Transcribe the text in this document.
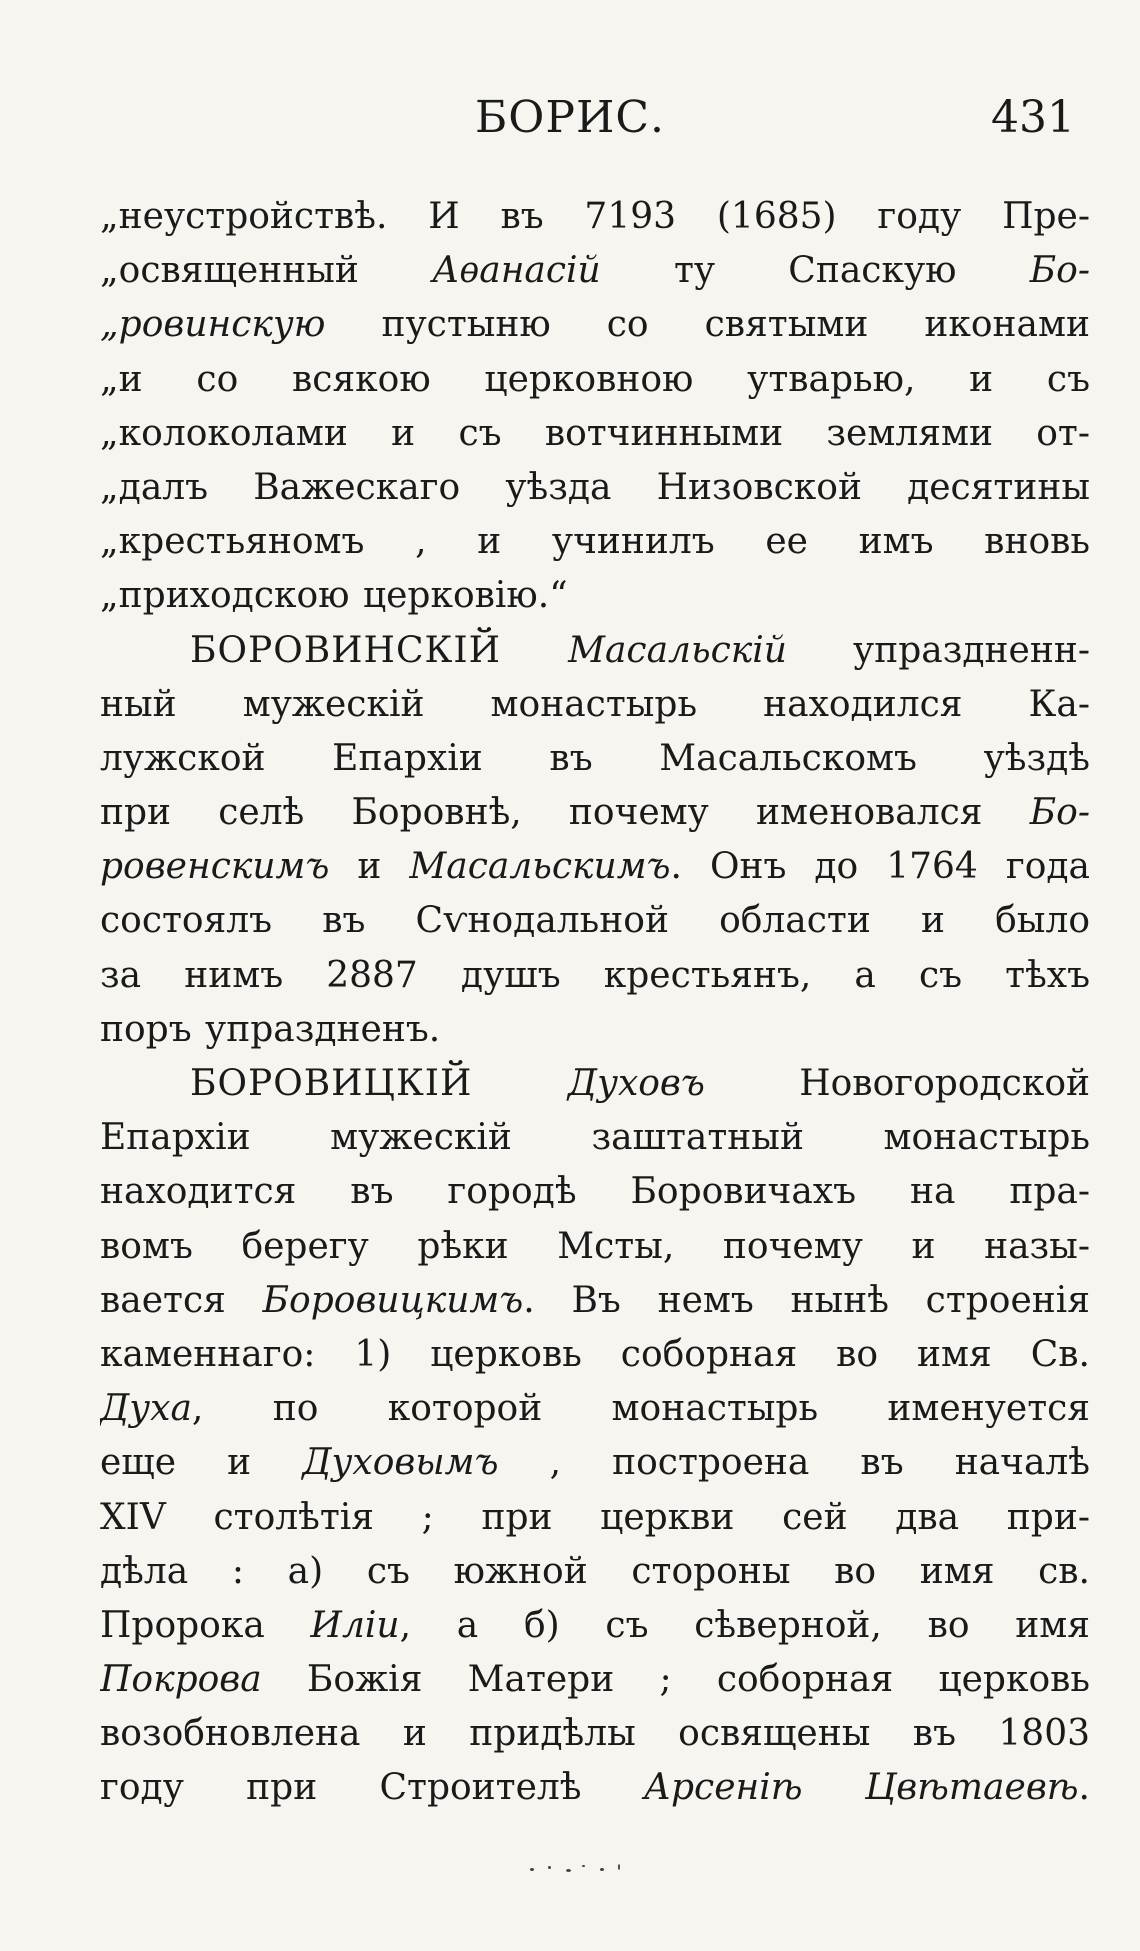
БОРИС.	431
„неустройствѣ. И въ 7193 (1685) году Пре-
„освященный Аѳанасій ту Спаскую Бо-
„ровинскую пустыню со святыми иконами
„и со всякою церковною утварью, и съ
„колоколами и съ вотчинными землями от-
„далъ Важескаго уѣзда Низовской десятины
„крестьяномъ , и учинилъ ее имъ вновь
„приходскою церковію.“
БОРОВИНСКІЙ Масальскій упраздненн-
ный мужескій монастырь находился Ка-
лужской Епархіи въ Масальскомъ уѣздѣ
при селѣ Боровнѣ, почему именовался Бо-
ровенскимъ и Масальскимъ. Онъ до 1764 года
состоялъ въ Сѵнодальной области и было
за нимъ 2887 душъ крестьянъ, а съ тѣхъ
поръ упраздненъ.
БОРОВИЦКІЙ Духовъ Новогородской
Епархіи мужескій заштатный монастырь
находится въ городѣ Боровичахъ на пра-
вомъ берегу рѣки Мсты, почему и назы-
вается Боровицкимъ. Въ немъ нынѣ строенія
каменнаго: 1) церковь соборная во имя Св.
Духа, по которой монастырь именуется
еще и Духовымъ , построена въ началѣ
XIV столѣтія ; при церкви сей два при-
дѣла : а) съ южной стороны во имя св.
Пророка Иліи, а б) съ сѣверной, во имя
Покрова Божія Матери ; соборная церковь
возобновлена и придѣлы освящены въ 1803
году при Строителѣ Арсеніѣ Цвѣтаевѣ.
